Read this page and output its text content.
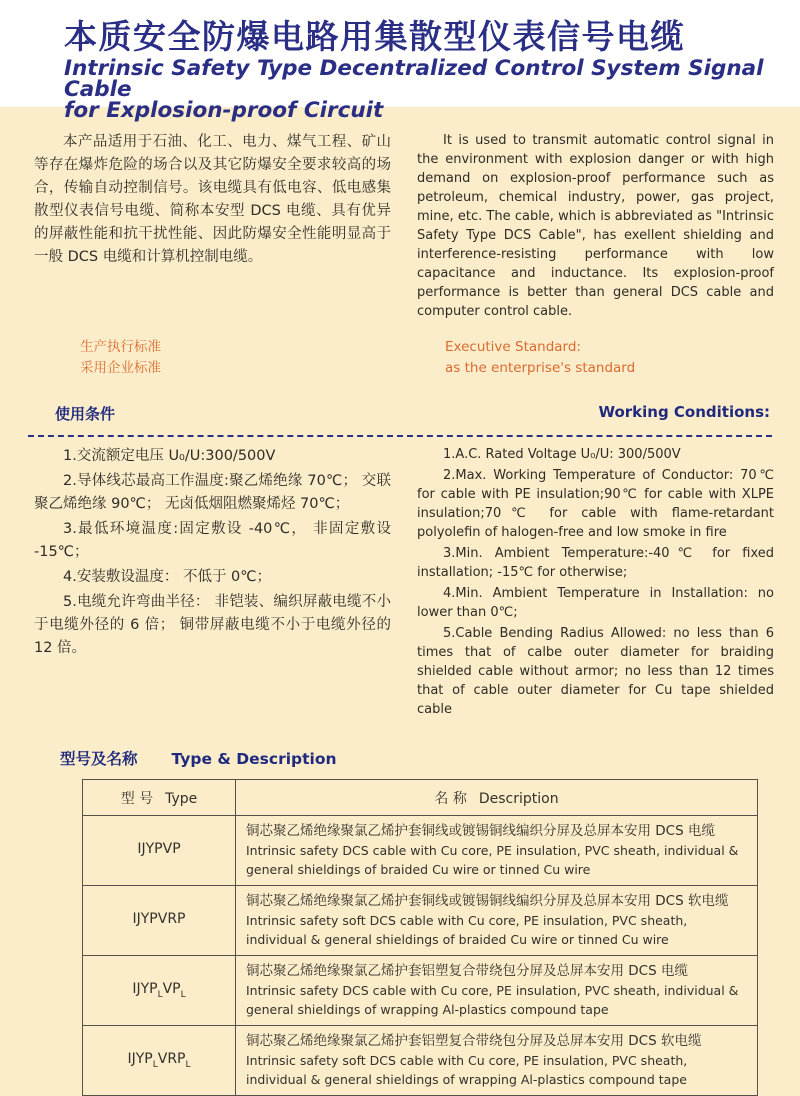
本质安全防爆电路用集散型仪表信号电缆
Intrinsic Safety Type Decentralized Control System Signal Cable
for Explosion-proof Circuit

本产品适用于石油、化工、电力、煤气工程、矿山等存在爆炸危险的场合以及其它防爆安全要求较高的场合，传输自动控制信号。该电缆具有低电容、低电感集散型仪表信号电缆、简称本安型 DCS 电缆、具有优异的屏蔽性能和抗干扰性能、因此防爆安全性能明显高于一般 DCS 电缆和计算机控制电缆。

It is used to transmit automatic control signal in the environment with explosion danger or with high demand on explosion-proof performance such as petroleum, chemical industry, power, gas project, mine, etc. The cable, which is abbreviated as "Intrinsic Safety Type DCS Cable", has exellent shielding and interference-resisting performance with low capacitance and inductance. Its explosion-proof performance is better than general DCS cable and computer control cable.

生产执行标准

采用企业标准

Executive Standard:

as the enterprise's standard

使用条件	Working Conditions:

1.交流额定电压 U₀/U:300/500V

2.导体线芯最高工作温度:聚乙烯绝缘 70℃； 交联聚乙烯绝缘 90℃； 无卤低烟阻燃聚烯烃 70℃；

3.最低环境温度:固定敷设 -40℃， 非固定敷设 -15℃；

4.安装敷设温度： 不低于 0℃；

5.电缆允许弯曲半径： 非铠装、编织屏蔽电缆不小于电缆外径的 6 倍； 铜带屏蔽电缆不小于电缆外径的 12 倍。

1.A.C. Rated Voltage U₀/U: 300/500V

2.Max. Working Temperature of Conductor: 70℃ for cable with PE insulation;90℃ for cable with XLPE insulation;70℃ for cable with flame-retardant polyolefin of halogen-free and low smoke in fire

3.Min. Ambient Temperature:-40℃ for fixed installation; -15℃ for otherwise;

4.Min. Ambient Temperature in Installation: no lower than 0℃;

5.Cable Bending Radius Allowed: no less than 6 times that of calbe outer diameter for braiding shielded cable without armor; no less than 12 times that of cable outer diameter for Cu tape shielded cable

型号及名称 Type & Description
型 号 Type	名 称 Description
IJYPVP	铜芯聚乙烯绝缘聚氯乙烯护套铜线或镀锡铜线编织分屏及总屏本安用 DCS 电缆
Intrinsic safety DCS cable with Cu core, PE insulation, PVC sheath, individual & general shieldings of braided Cu wire or tinned Cu wire

IJYPVRP	铜芯聚乙烯绝缘聚氯乙烯护套铜线或镀锡铜线编织分屏及总屏本安用 DCS 软电缆
Intrinsic safety soft DCS cable with Cu core, PE insulation, PVC sheath, individual & general shieldings of braided Cu wire or tinned Cu wire

$IJYP_LVP_L$	铜芯聚乙烯绝缘聚氯乙烯护套铝塑复合带绕包分屏及总屏本安用 DCS 电缆
Intrinsic safety DCS cable with Cu core, PE insulation, PVC sheath, individual & general shieldings of wrapping Al-plastics compound tape

$IJYP_LVRP_L$	铜芯聚乙烯绝缘聚氯乙烯护套铝塑复合带绕包分屏及总屏本安用 DCS 软电缆
Intrinsic safety soft DCS cable with Cu core, PE insulation, PVC sheath, individual & general shieldings of wrapping Al-plastics compound tape
